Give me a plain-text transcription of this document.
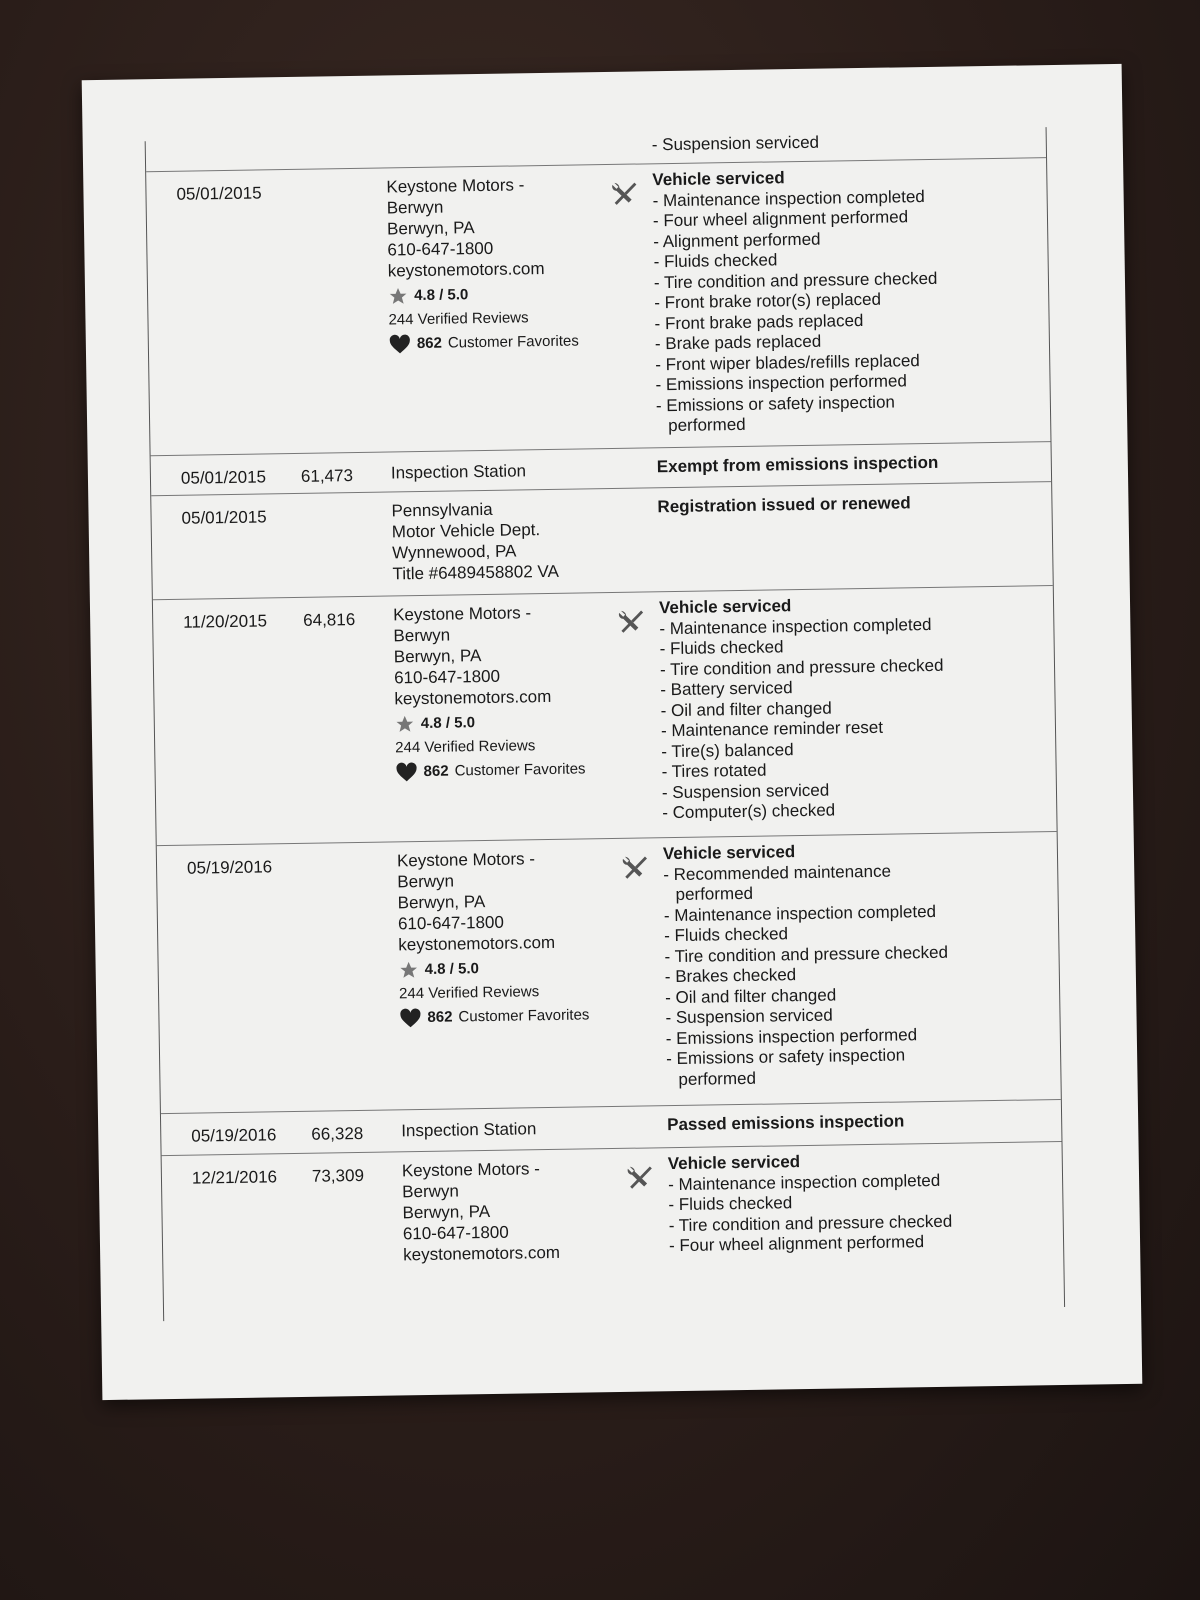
- Suspension serviced
05/01/2015	Keystone Motors -
Berwyn
Berwyn, PA
610-647-1800
keystonemotors.com
4.8 / 5.0
244 Verified Reviews
862 Customer Favorites
Vehicle serviced
- Maintenance inspection completed
- Four wheel alignment performed
- Alignment performed
- Fluids checked
- Tire condition and pressure checked
- Front brake rotor(s) replaced
- Front brake pads replaced
- Brake pads replaced
- Front wiper blades/refills replaced
- Emissions inspection performed
- Emissions or safety inspection
performed
05/01/2015 61,473 Inspection Station	Exempt from emissions inspection
05/01/2015	Pennsylvania
Motor Vehicle Dept.
Wynnewood, PA
Title #6489458802 VA
Registration issued or renewed
11/20/2015 64,816 Keystone Motors -
Berwyn
Berwyn, PA
610-647-1800
keystonemotors.com
4.8 / 5.0
244 Verified Reviews
862 Customer Favorites
Vehicle serviced
- Maintenance inspection completed
- Fluids checked
- Tire condition and pressure checked
- Battery serviced
- Oil and filter changed
- Maintenance reminder reset
- Tire(s) balanced
- Tires rotated
- Suspension serviced
- Computer(s) checked
05/19/2016	Keystone Motors -
Berwyn
Berwyn, PA
610-647-1800
keystonemotors.com
4.8 / 5.0
244 Verified Reviews
862 Customer Favorites
Vehicle serviced
- Recommended maintenance
performed
- Maintenance inspection completed
- Fluids checked
- Tire condition and pressure checked
- Brakes checked
- Oil and filter changed
- Suspension serviced
- Emissions inspection performed
- Emissions or safety inspection
performed
05/19/2016 66,328 Inspection Station	Passed emissions inspection
12/21/2016 73,309 Keystone Motors -
Berwyn
Berwyn, PA
610-647-1800
keystonemotors.com
Vehicle serviced
- Maintenance inspection completed
- Fluids checked
- Tire condition and pressure checked
- Four wheel alignment performed
